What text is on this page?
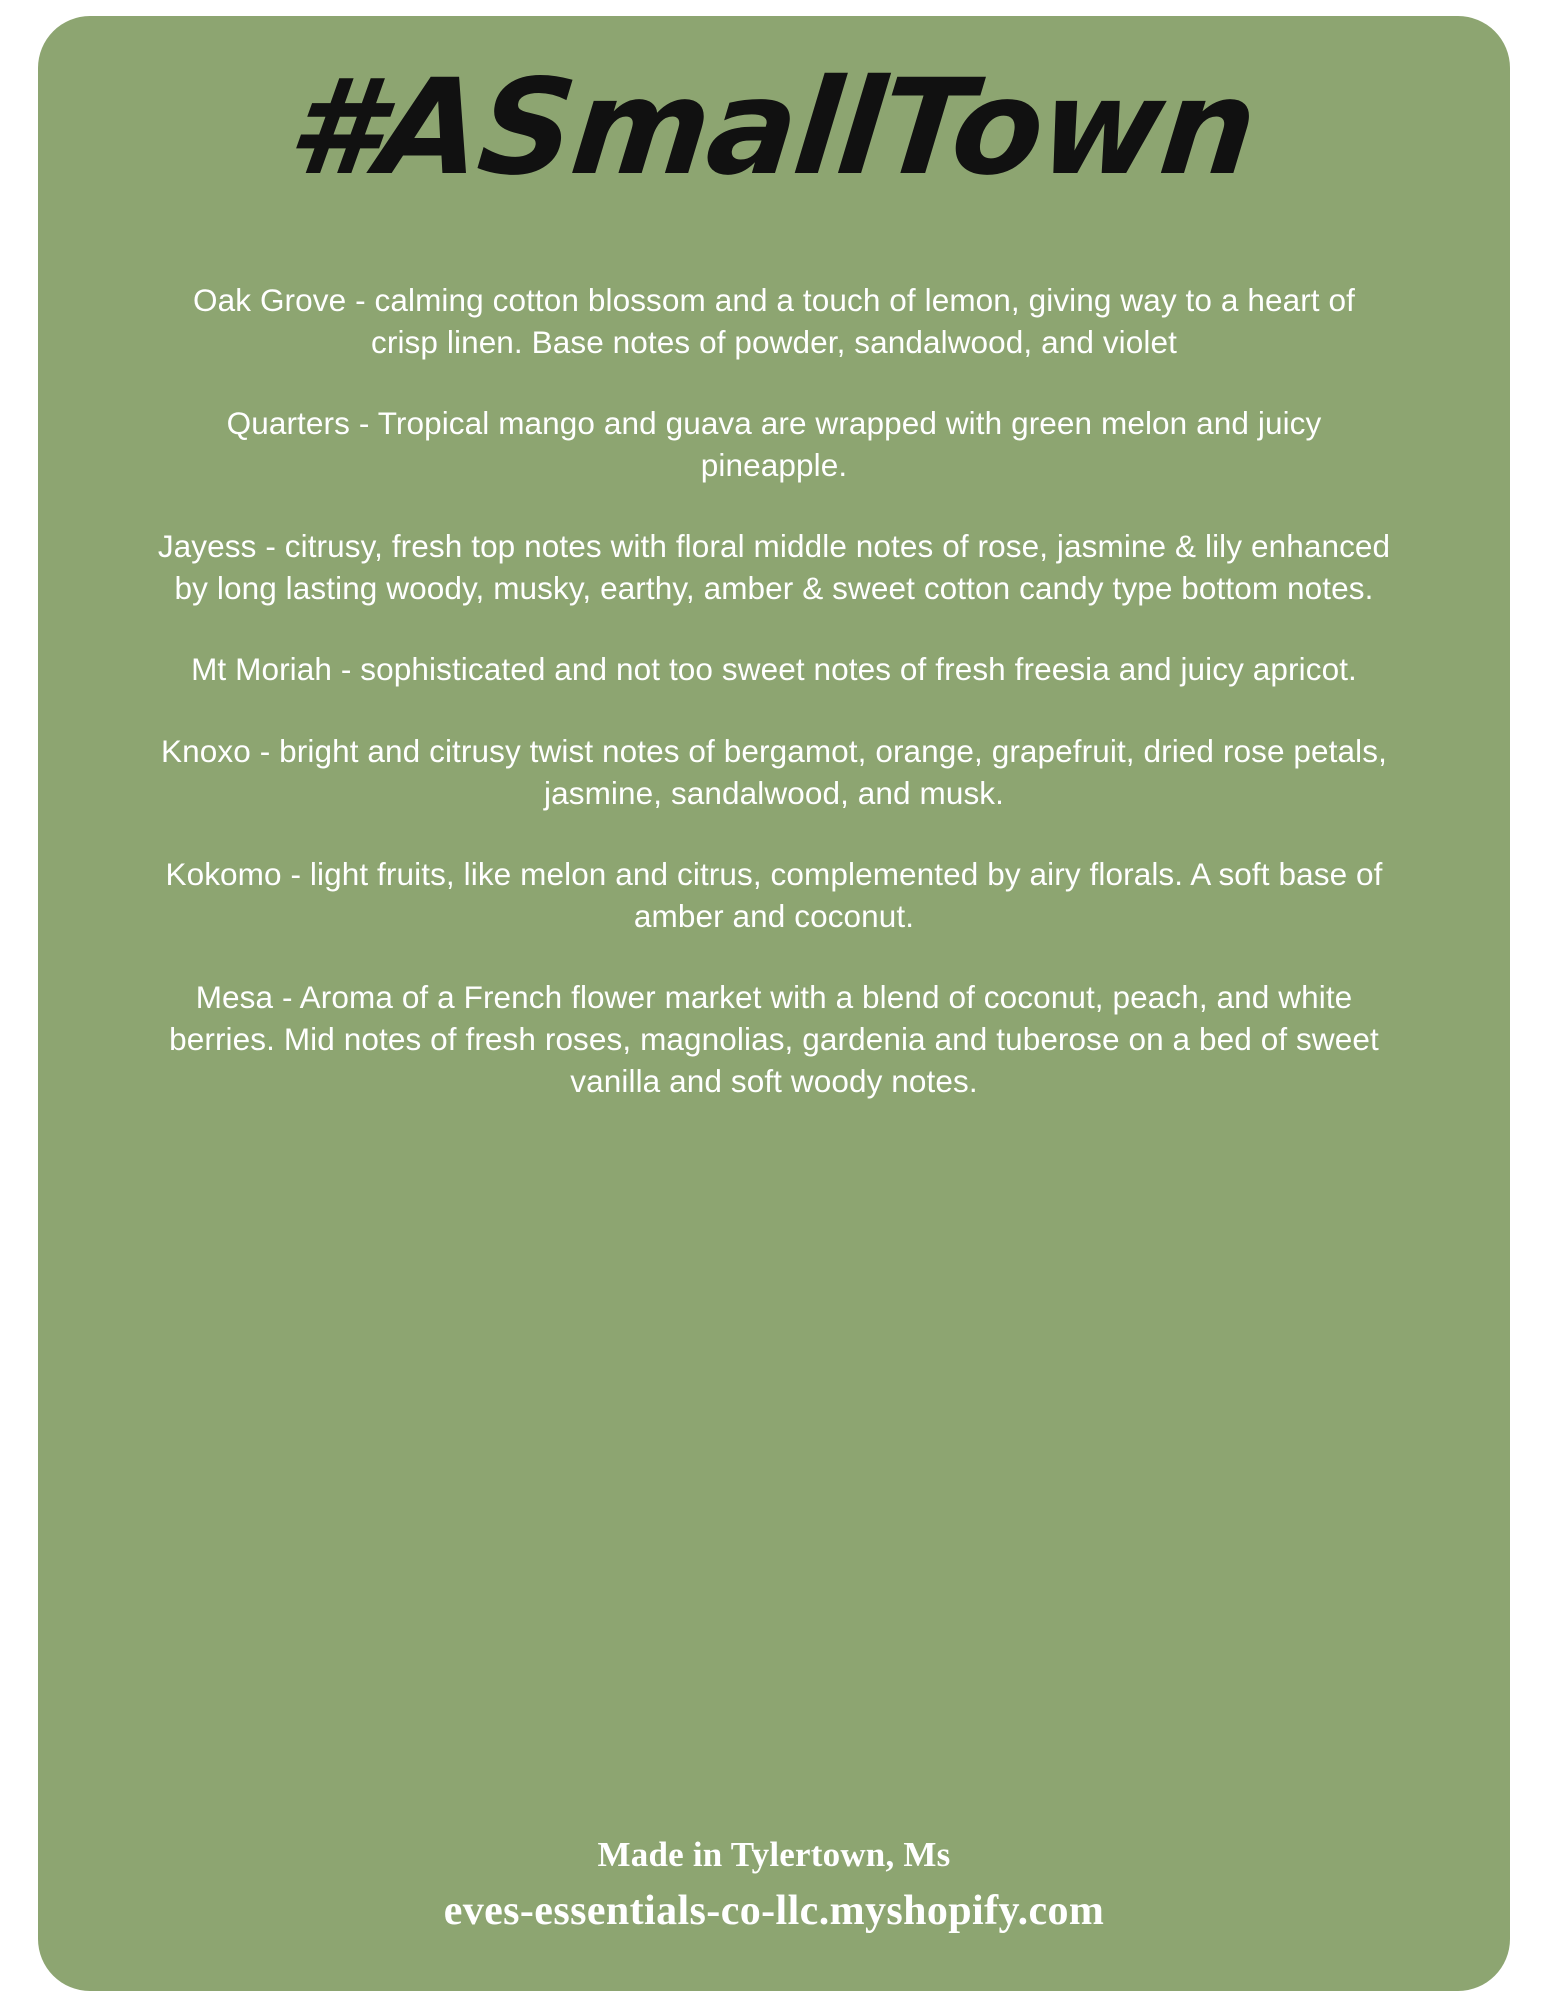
#ASmallTown

Oak Grove - calming cotton blossom and a touch of lemon, giving way to a heart of crisp linen. Base notes of powder, sandalwood, and violet

Quarters - Tropical mango and guava are wrapped with green melon and juicy pineapple.

Jayess - citrusy, fresh top notes with floral middle notes of rose, jasmine & lily enhanced by long lasting woody, musky, earthy, amber & sweet cotton candy type bottom notes.

Mt Moriah - sophisticated and not too sweet notes of fresh freesia and juicy apricot.

Knoxo - bright and citrusy twist notes of bergamot, orange, grapefruit, dried rose petals, jasmine, sandalwood, and musk.

Kokomo - light fruits, like melon and citrus, complemented by airy florals. A soft base of amber and coconut.

Mesa - Aroma of a French flower market with a blend of coconut, peach, and white berries. Mid notes of fresh roses, magnolias, gardenia and tuberose on a bed of sweet vanilla and soft woody notes.

Made in Tylertown, Ms
eves-essentials-co-llc.myshopify.com
